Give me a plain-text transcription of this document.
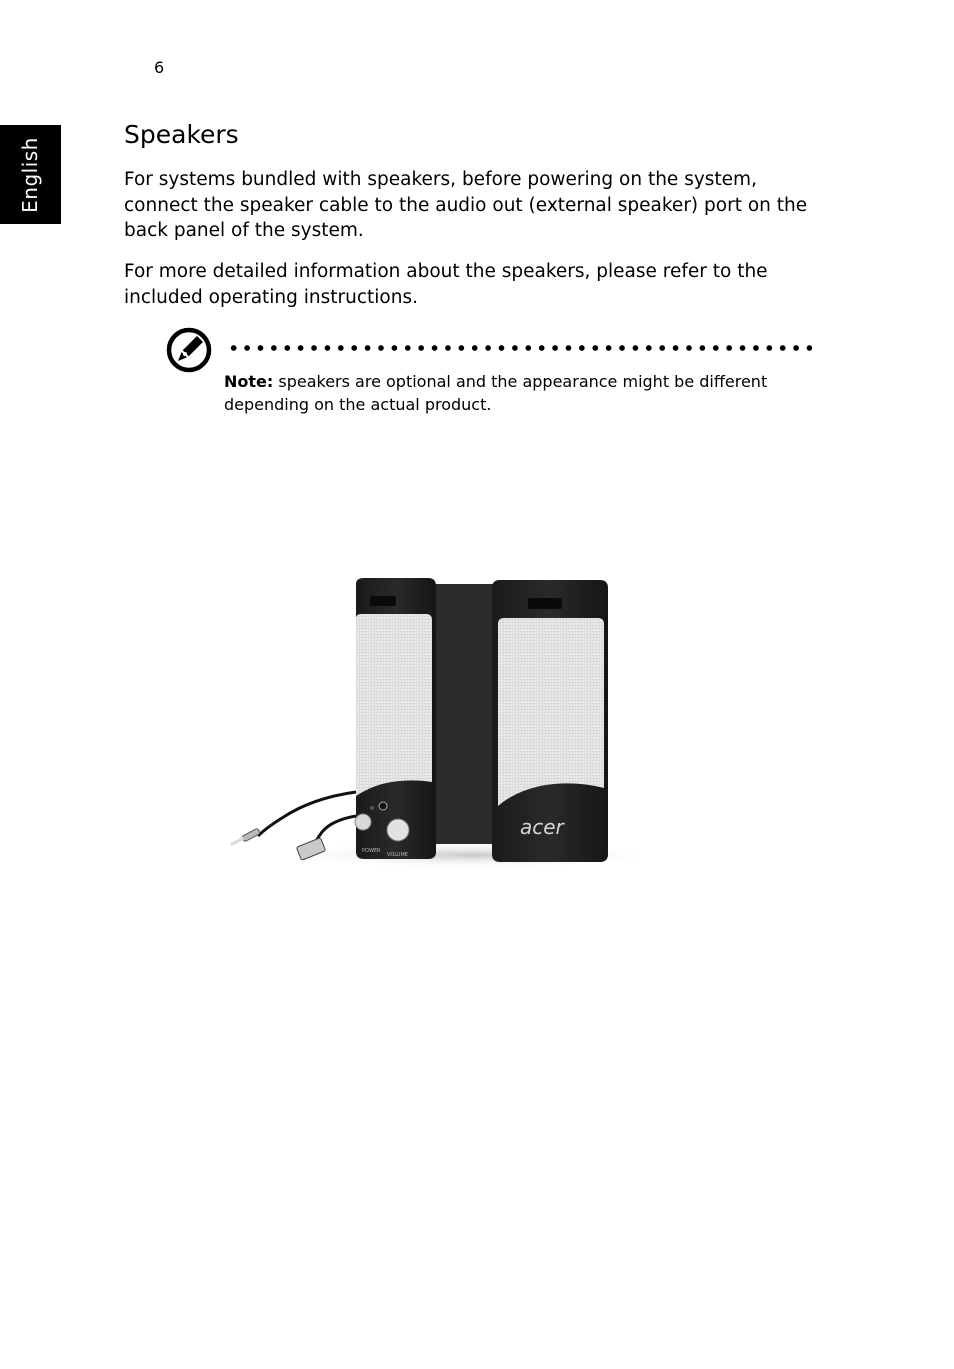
6
English
Speakers

For systems bundled with speakers, before powering on the system, connect the speaker cable to the audio out (external speaker) port on the back panel of the system.

For more detailed information about the speakers, please refer to the included operating instructions.

Note: speakers are optional and the appearance might be different depending on the actual product.

POWER
VOLUME
acer
